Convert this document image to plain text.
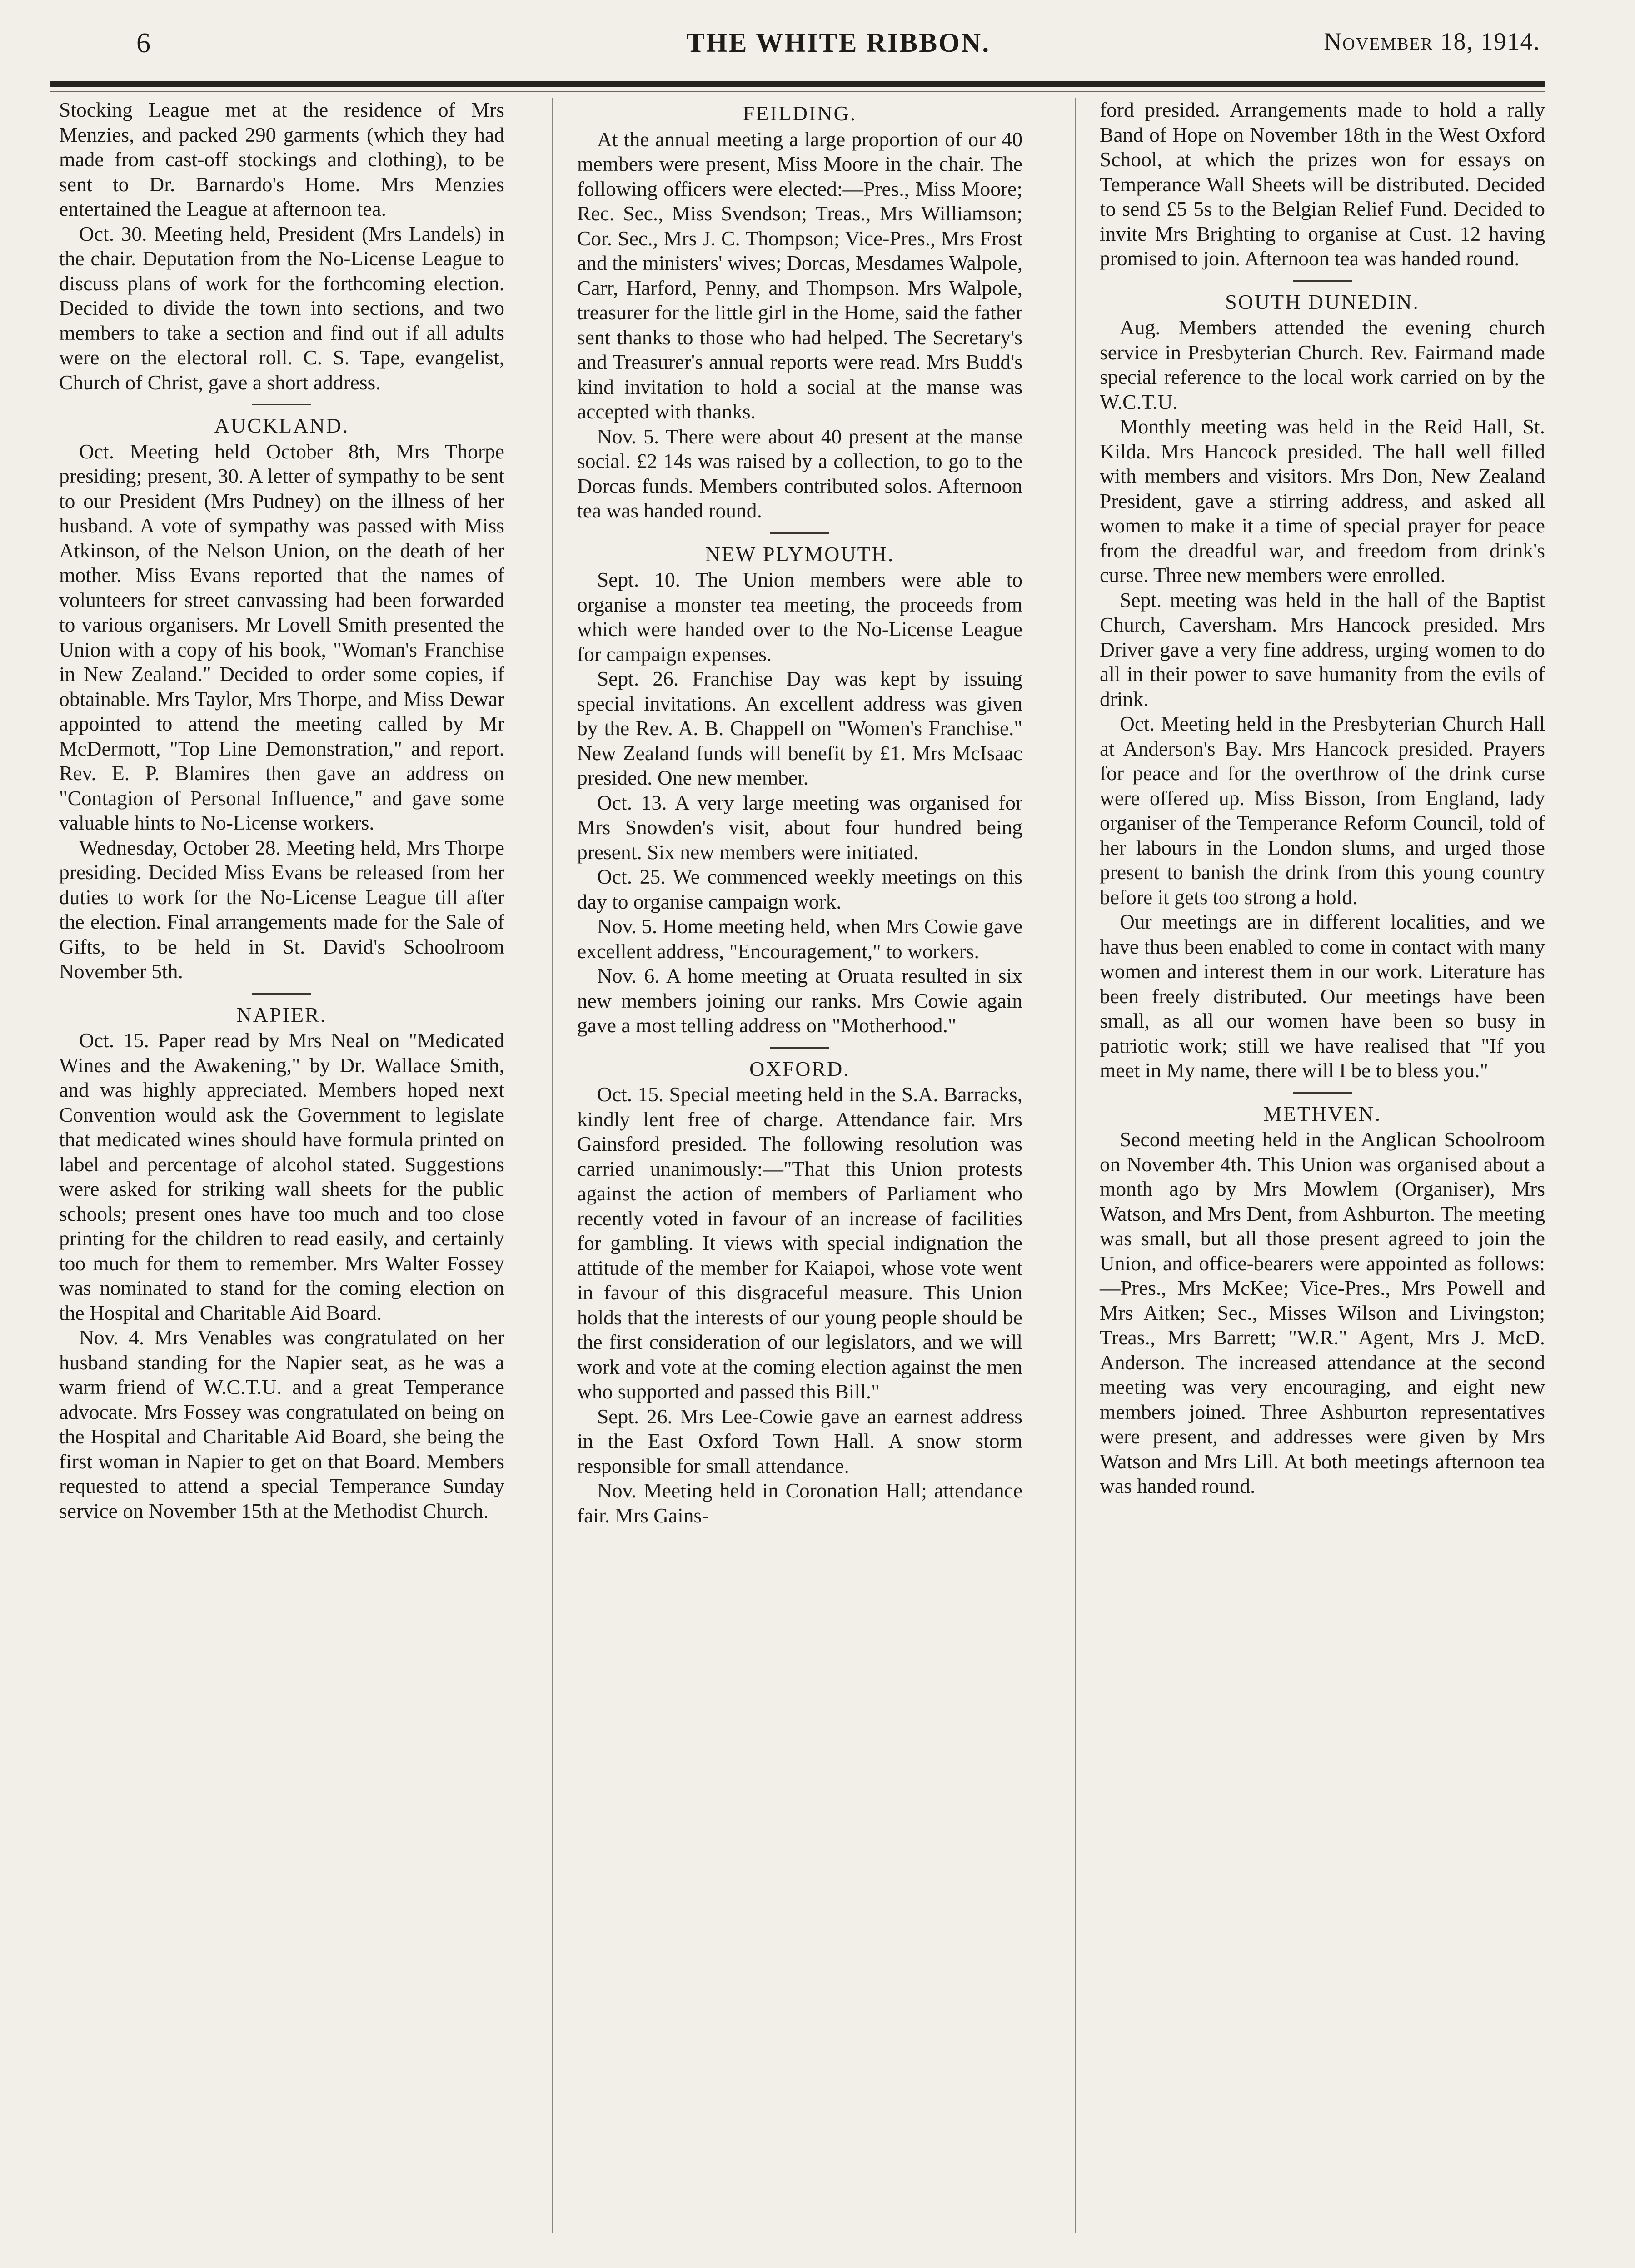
6	THE WHITE RIBBON.	November 18, 1914.

Stocking League met at the residence of Mrs Menzies, and packed 290 garments (which they had made from cast-off stockings and clothing), to be sent to Dr. Barnardo's Home. Mrs Menzies entertained the League at afternoon tea.

Oct. 30. Meeting held, President (Mrs Landels) in the chair. Deputation from the No-License League to discuss plans of work for the forthcoming election. Decided to divide the town into sections, and two members to take a section and find out if all adults were on the electoral roll. C. S. Tape, evangelist, Church of Christ, gave a short address.

AUCKLAND.

Oct. Meeting held October 8th, Mrs Thorpe presiding; present, 30. A letter of sympathy to be sent to our President (Mrs Pudney) on the illness of her husband. A vote of sympathy was passed with Miss Atkinson, of the Nelson Union, on the death of her mother. Miss Evans reported that the names of volunteers for street canvassing had been forwarded to various organisers. Mr Lovell Smith presented the Union with a copy of his book, "Woman's Franchise in New Zealand." Decided to order some copies, if obtainable. Mrs Taylor, Mrs Thorpe, and Miss Dewar appointed to attend the meeting called by Mr McDermott, "Top Line Demonstration," and report. Rev. E. P. Blamires then gave an address on "Contagion of Personal Influence," and gave some valuable hints to No-License workers.

Wednesday, October 28. Meeting held, Mrs Thorpe presiding. Decided Miss Evans be released from her duties to work for the No-License League till after the election. Final arrangements made for the Sale of Gifts, to be held in St. David's Schoolroom November 5th.

NAPIER.

Oct. 15. Paper read by Mrs Neal on "Medicated Wines and the Awakening," by Dr. Wallace Smith, and was highly appreciated. Members hoped next Convention would ask the Government to legislate that medicated wines should have formula printed on label and percentage of alcohol stated. Suggestions were asked for striking wall sheets for the public schools; present ones have too much and too close printing for the children to read easily, and certainly too much for them to remember. Mrs Walter Fossey was nominated to stand for the coming election on the Hospital and Charitable Aid Board.

Nov. 4. Mrs Venables was congratulated on her husband standing for the Napier seat, as he was a warm friend of W.C.T.U. and a great Temperance advocate. Mrs Fossey was congratulated on being on the Hospital and Charitable Aid Board, she being the first woman in Napier to get on that Board. Members requested to attend a special Temperance Sunday service on November 15th at the Methodist Church.

FEILDING.

At the annual meeting a large proportion of our 40 members were present, Miss Moore in the chair. The following officers were elected:—Pres., Miss Moore; Rec. Sec., Miss Svendson; Treas., Mrs Williamson; Cor. Sec., Mrs J. C. Thompson; Vice-Pres., Mrs Frost and the ministers' wives; Dorcas, Mesdames Walpole, Carr, Harford, Penny, and Thompson. Mrs Walpole, treasurer for the little girl in the Home, said the father sent thanks to those who had helped. The Secretary's and Treasurer's annual reports were read. Mrs Budd's kind invitation to hold a social at the manse was accepted with thanks.

Nov. 5. There were about 40 present at the manse social. £2 14s was raised by a collection, to go to the Dorcas funds. Members contributed solos. Afternoon tea was handed round.

NEW PLYMOUTH.

Sept. 10. The Union members were able to organise a monster tea meeting, the proceeds from which were handed over to the No-License League for campaign expenses.

Sept. 26. Franchise Day was kept by issuing special invitations. An excellent address was given by the Rev. A. B. Chappell on "Women's Franchise." New Zealand funds will benefit by £1. Mrs McIsaac presided. One new member.

Oct. 13. A very large meeting was organised for Mrs Snowden's visit, about four hundred being present. Six new members were initiated.

Oct. 25. We commenced weekly meetings on this day to organise campaign work.

Nov. 5. Home meeting held, when Mrs Cowie gave excellent address, "Encouragement," to workers.

Nov. 6. A home meeting at Oruata resulted in six new members joining our ranks. Mrs Cowie again gave a most telling address on "Motherhood."

OXFORD.

Oct. 15. Special meeting held in the S.A. Barracks, kindly lent free of charge. Attendance fair. Mrs Gainsford presided. The following resolution was carried unanimously:—"That this Union protests against the action of members of Parliament who recently voted in favour of an increase of facilities for gambling. It views with special indignation the attitude of the member for Kaiapoi, whose vote went in favour of this disgraceful measure. This Union holds that the interests of our young people should be the first consideration of our legislators, and we will work and vote at the coming election against the men who supported and passed this Bill."

Sept. 26. Mrs Lee-Cowie gave an earnest address in the East Oxford Town Hall. A snow storm responsible for small attendance.

Nov. Meeting held in Coronation Hall; attendance fair. Mrs Gains-

ford presided. Arrangements made to hold a rally Band of Hope on November 18th in the West Oxford School, at which the prizes won for essays on Temperance Wall Sheets will be distributed. Decided to send £5 5s to the Belgian Relief Fund. Decided to invite Mrs Brighting to organise at Cust. 12 having promised to join. Afternoon tea was handed round.

SOUTH DUNEDIN.

Aug. Members attended the evening church service in Presbyterian Church. Rev. Fairmand made special reference to the local work carried on by the W.C.T.U.

Monthly meeting was held in the Reid Hall, St. Kilda. Mrs Hancock presided. The hall well filled with members and visitors. Mrs Don, New Zealand President, gave a stirring address, and asked all women to make it a time of special prayer for peace from the dreadful war, and freedom from drink's curse. Three new members were enrolled.

Sept. meeting was held in the hall of the Baptist Church, Caversham. Mrs Hancock presided. Mrs Driver gave a very fine address, urging women to do all in their power to save humanity from the evils of drink.

Oct. Meeting held in the Presbyterian Church Hall at Anderson's Bay. Mrs Hancock presided. Prayers for peace and for the overthrow of the drink curse were offered up. Miss Bisson, from England, lady organiser of the Temperance Reform Council, told of her labours in the London slums, and urged those present to banish the drink from this young country before it gets too strong a hold.

Our meetings are in different localities, and we have thus been enabled to come in contact with many women and interest them in our work. Literature has been freely distributed. Our meetings have been small, as all our women have been so busy in patriotic work; still we have realised that "If you meet in My name, there will I be to bless you."

METHVEN.

Second meeting held in the Anglican Schoolroom on November 4th. This Union was organised about a month ago by Mrs Mowlem (Organiser), Mrs Watson, and Mrs Dent, from Ashburton. The meeting was small, but all those present agreed to join the Union, and office-bearers were appointed as follows:—Pres., Mrs McKee; Vice-Pres., Mrs Powell and Mrs Aitken; Sec., Misses Wilson and Livingston; Treas., Mrs Barrett; "W.R." Agent, Mrs J. McD. Anderson. The increased attendance at the second meeting was very encouraging, and eight new members joined. Three Ashburton representatives were present, and addresses were given by Mrs Watson and Mrs Lill. At both meetings afternoon tea was handed round.
